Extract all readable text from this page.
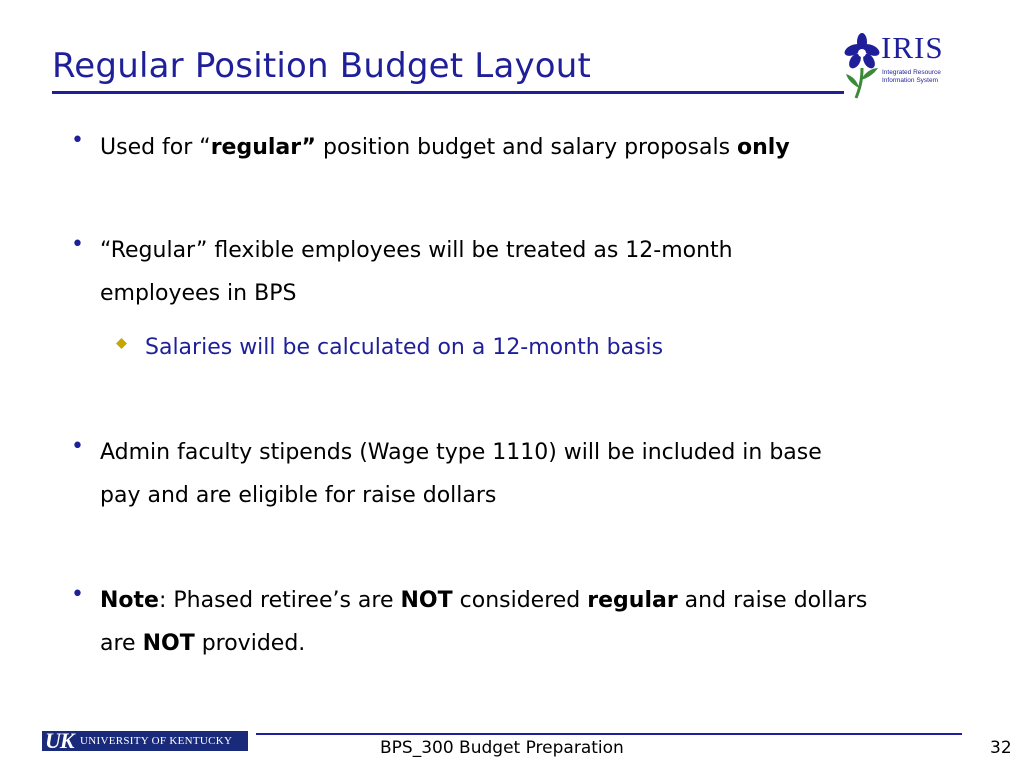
Regular Position Budget Layout	IRIS
Integrated Resource
Information System
• Used for “regular” position budget and salary proposals only
• “Regular” flexible employees will be treated as 12-month
employees in BPS
Salaries will be calculated on a 12-month basis
• Admin faculty stipends (Wage type 1110) will be included in base
pay and are eligible for raise dollars
• Note: Phased retiree’s are NOT considered regular and raise dollars
are NOT provided.
UK UNIVERSITY OF KENTUCKY	BPS_300 Budget Preparation	32
